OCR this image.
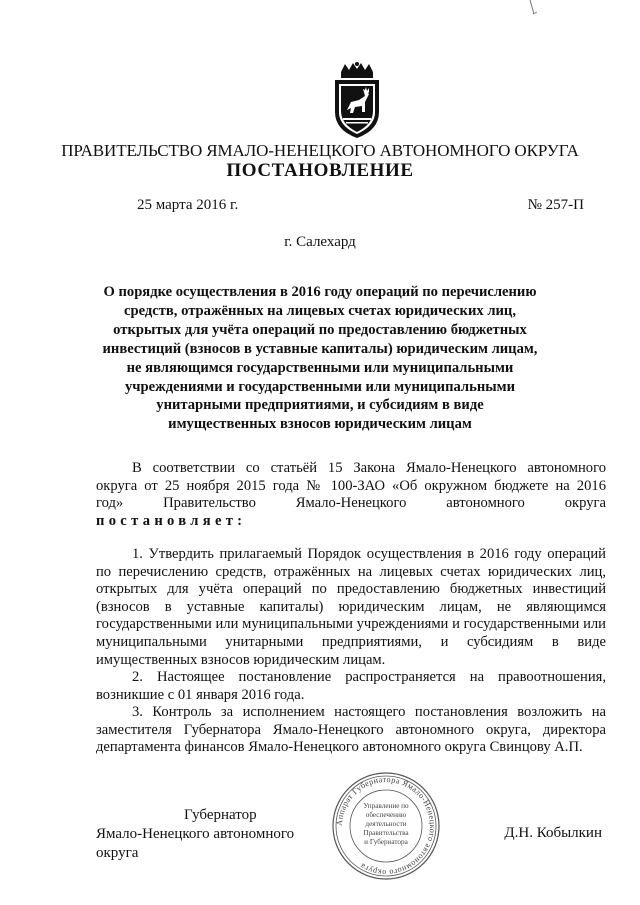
ПРАВИТЕЛЬСТВО ЯМАЛО-НЕНЕЦКОГО АВТОНОМНОГО ОКРУГА
ПОСТАНОВЛЕНИЕ
25 марта 2016 г.	№ 257-П
г. Салехард
О порядке осуществления в 2016 году операций по перечислению
средств, отражённых на лицевых счетах юридических лиц,
открытых для учёта операций по предоставлению бюджетных
инвестиций (взносов в уставные капиталы) юридическим лицам,
не являющимся государственными или муниципальными
учреждениями и государственными или муниципальными
унитарными предприятиями, и субсидиям в виде
имущественных взносов юридическим лицам
В соответствии со статьёй 15 Закона Ямало-Ненецкого автономного
округа от 25 ноября 2015 года № 100-ЗАО «Об окружном бюджете на 2016
год» Правительство Ямало-Ненецкого автономного округа
постановляет:

1. Утвердить прилагаемый Порядок осуществления в 2016 году операций по перечислению средств, отражённых на лицевых счетах юридических лиц, открытых для учёта операций по предоставлению бюджетных инвестиций (взносов в уставные капиталы) юридическим лицам, не являющимся государственными или муниципальными учреждениями и государственными или муниципальными унитарными предприятиями, и субсидиям в виде имущественных взносов юридическим лицам.

2. Настоящее постановление распространяется на правоотношения, возникшие с 01 января 2016 года.

3. Контроль за исполнением настоящего постановления возложить на заместителя Губернатора Ямало-Ненецкого автономного округа, директора департамента финансов Ямало-Ненецкого автономного округа Свинцову А.П.

Губернатор
Ямало-Ненецкого автономного округа
Д.Н. Кобылкин
Аппарат Губернатора Ямало-Ненецкого автономного округа
Управление по
обеспечению
деятельности
Правительства
и Губернатора
